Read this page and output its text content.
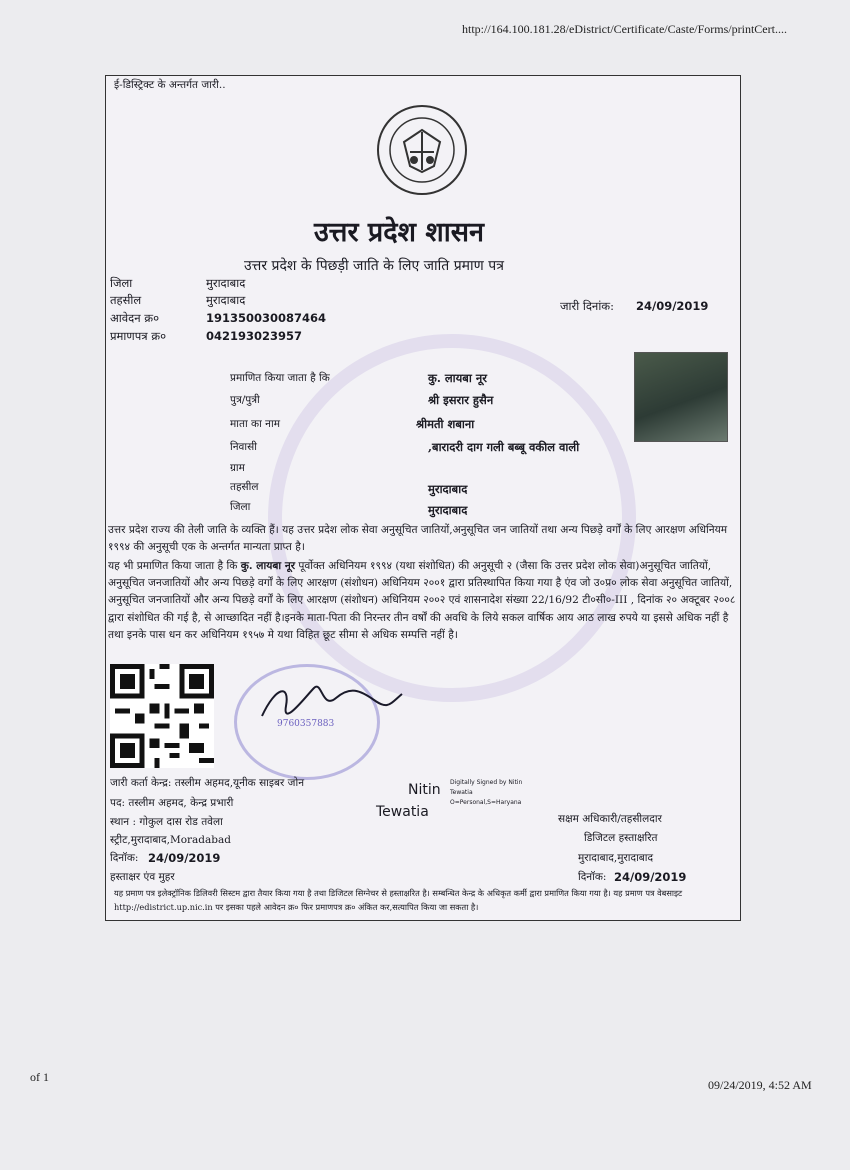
http://164.100.181.28/eDistrict/Certificate/Caste/Forms/printCert....
ई-डिस्ट्रिक्ट के अन्तर्गत जारी..
उत्तर प्रदेश शासन
उत्तर प्रदेश के पिछड़ी जाति के लिए जाति प्रमाण पत्र
जिला	मुरादाबाद
तहसील	मुरादाबाद
आवेदन क्र०	191350030087464
प्रमाणपत्र क्र०	042193023957
जारी दिनांक: 24/09/2019
प्रमाणित किया जाता है कि	कु. लायबा नूर
पुत्र/पुत्री	श्री इसरार हुसैन
माता का नाम	श्रीमती शबाना
निवासी	,बारादरी दाग गली बब्बू वकील वाली
ग्राम
तहसील	मुरादाबाद
जिला	मुरादाबाद
उत्तर प्रदेश राज्य की तेली जाति के व्यक्ति हैं। यह उत्तर प्रदेश लोक सेवा अनुसूचित जातियों,अनुसूचित जन जातियों तथा अन्य पिछड़े वर्गों के लिए आरक्षण अधिनियम १९९४ की अनुसूची एक के अन्तर्गत मान्यता प्राप्त है।
यह भी प्रमाणित किया जाता है कि कु. लायबा नूर पूर्वोक्त अधिनियम १९९४ (यथा संशोधित) की अनुसूची २ (जैसा कि उत्तर प्रदेश लोक सेवा)अनुसूचित जातियों, अनुसूचित जनजातियों और अन्य पिछड़े वर्गों के लिए आरक्षण (संशोधन) अधिनियम २००१ द्वारा प्रतिस्थापित किया गया है एंव जो उ०प्र० लोक सेवा अनुसूचित जातियों, अनुसूचित जनजातियों और अन्य पिछड़े वर्गों के लिए आरक्षण (संशोधन) अधिनियम २००२ एवं शासनादेश संख्या 22/16/92 टी०सी०-III , दिनांक २० अक्टूबर २००८ द्वारा संशोधित की गई है, से आच्छादित नहीं है।इनके माता-पिता की निरन्तर तीन वर्षों की अवधि के लिये सकल वार्षिक आय आठ लाख रुपये या इससे अधिक नहीं है तथा इनके पास धन कर अधिनियम १९५७ मे यथा विहित छूट सीमा से अधिक सम्पत्ति नहीं है।
9760357883
जारी कर्ता केन्द्र: तस्लीम अहमद,यूनीक साइबर जोन
पद: तस्लीम अहमद, केन्द्र प्रभारी
स्थान : गोकुल दास रोड तवेला
स्ट्रीट,मुरादाबाद,Moradabad
दिनॉक: 24/09/2019
हस्ताक्षर एंव मुहर
Nitin
Tewatia
Digitally Signed by Nitin
Tewatia
O=Personal,S=Haryana
सक्षम अधिकारी/तहसीलदार
डिजिटल हस्ताक्षरित
मुरादाबाद,मुरादाबाद
दिनॉक: 24/09/2019
यह प्रमाण पत्र इलेक्ट्रॉनिक डिलिवरी सिस्टम द्वारा तैयार किया गया है तथा डिजिटल सिग्नेचर से हस्ताक्षरित है। सम्बन्धित केन्द्र के अधिकृत कर्मी द्वारा प्रमाणित किया गया है। यह प्रमाण पत्र वेबसाइट http://edistrict.up.nic.in पर इसका पहले आवेदन क्र० फिर प्रमाणपत्र क्र० अंकित कर,सत्यापित किया जा सकता है।
of 1
09/24/2019, 4:52 AM
